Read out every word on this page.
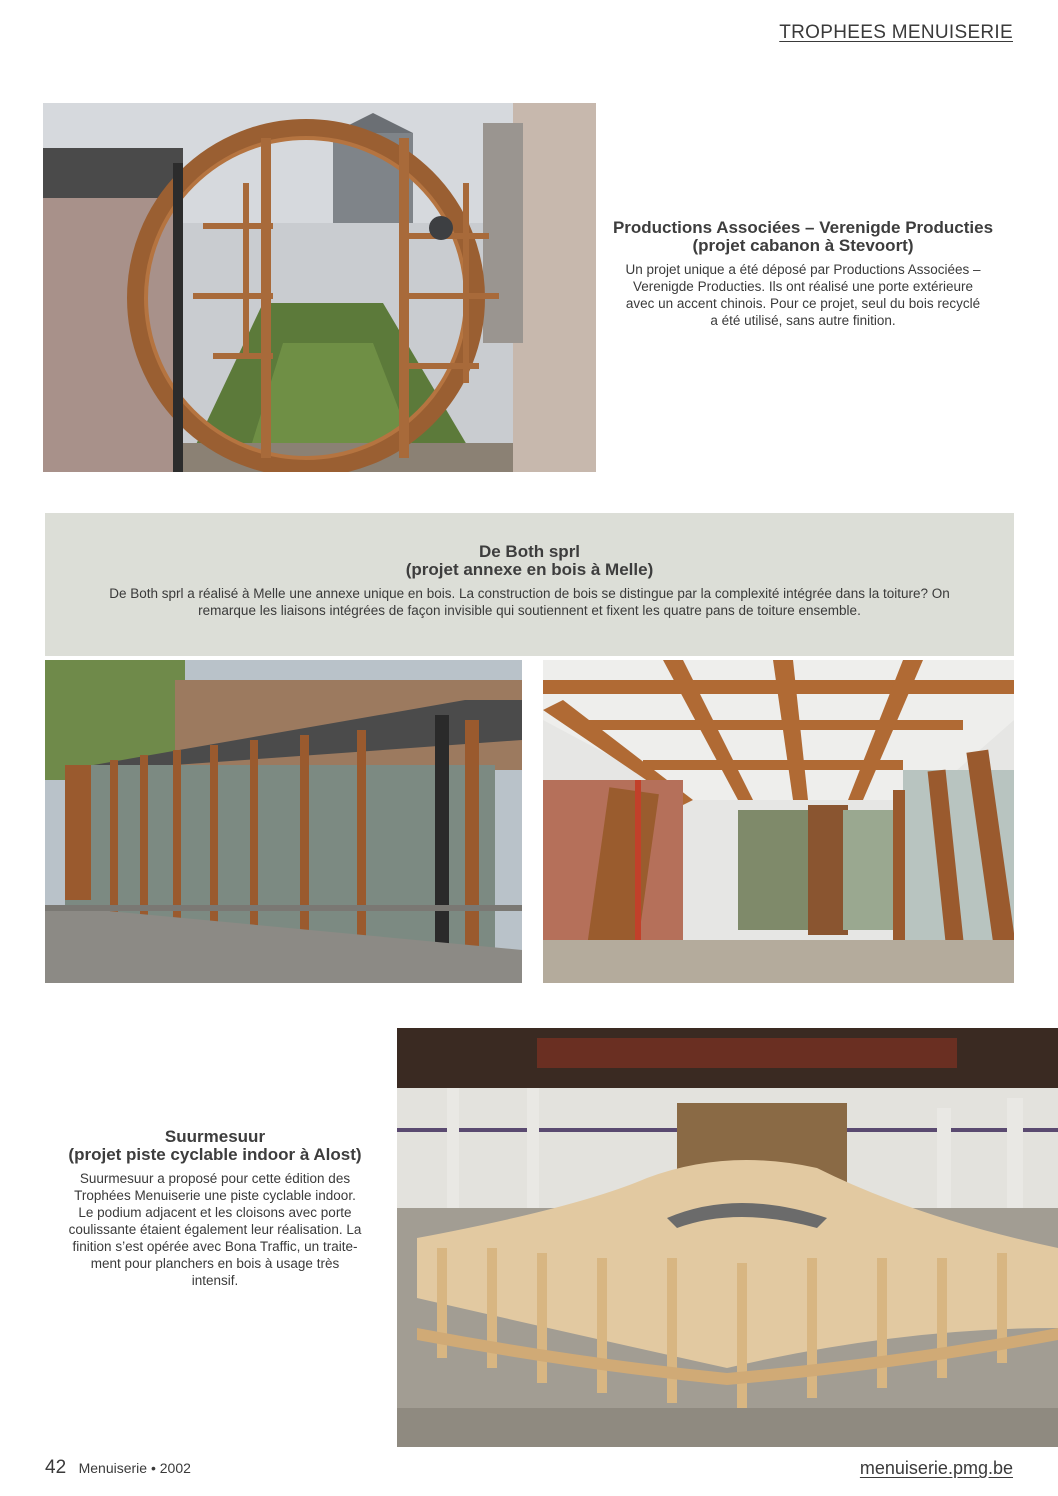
TROPHEES MENUISERIE
Productions Associées – Verenigde Producties
(projet cabanon à Stevoort)

Un projet unique a été déposé par Productions Associées –
Verenigde Producties. Ils ont réalisé une porte extérieure
avec un accent chinois. Pour ce projet, seul du bois recyclé
a été utilisé, sans autre finition.

De Both sprl
(projet annexe en bois à Melle)

De Both sprl a réalisé à Melle une annexe unique en bois. La construction de bois se distingue par la complexité intégrée dans la toiture? On
remarque les liaisons intégrées de façon invisible qui soutiennent et fixent les quatre pans de toiture ensemble.

Suurmesuur
(projet piste cyclable indoor à Alost)

Suurmesuur a proposé pour cette édition des
Trophées Menuiserie une piste cyclable indoor.
Le podium adjacent et les cloisons avec porte
coulissante étaient également leur réalisation. La
finition s’est opérée avec Bona Traffic, un traite-
ment pour planchers en bois à usage très
intensif.

42 Menuiserie • 2002	menuiserie.pmg.be
